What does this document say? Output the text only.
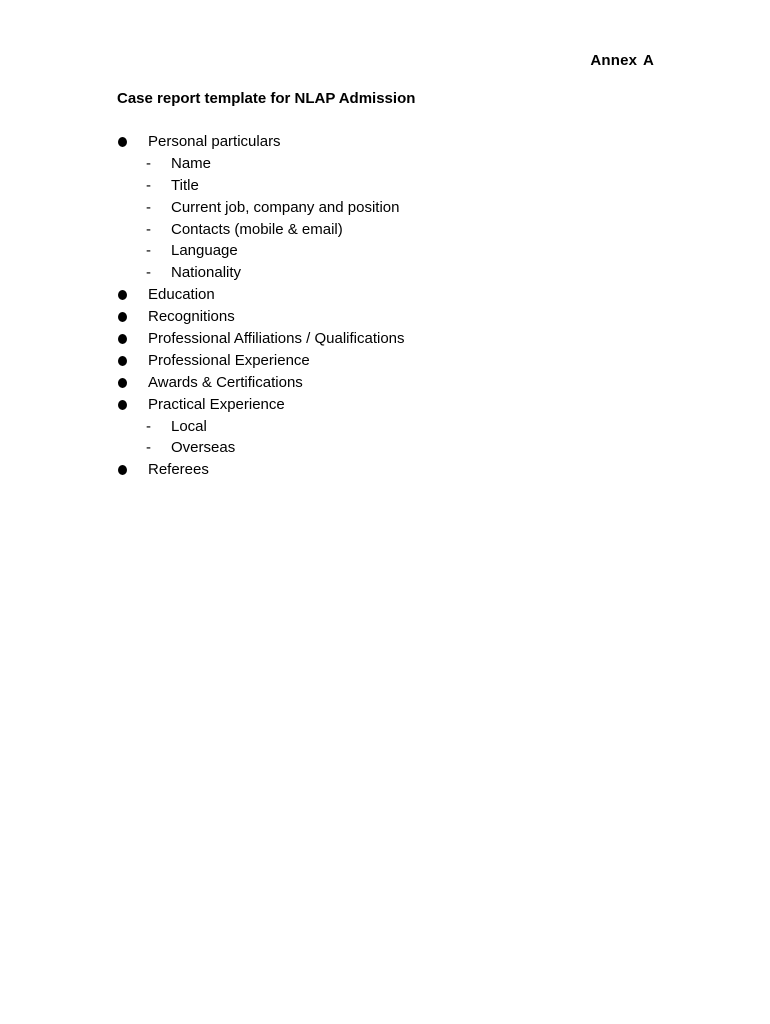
Annex A
Case report template for NLAP Admission
Personal particulars
- Name
- Title
- Current job, company and position
- Contacts (mobile & email)
- Language
- Nationality
Education
Recognitions
Professional Affiliations / Qualifications
Professional Experience
Awards & Certifications
Practical Experience
- Local
- Overseas
Referees
